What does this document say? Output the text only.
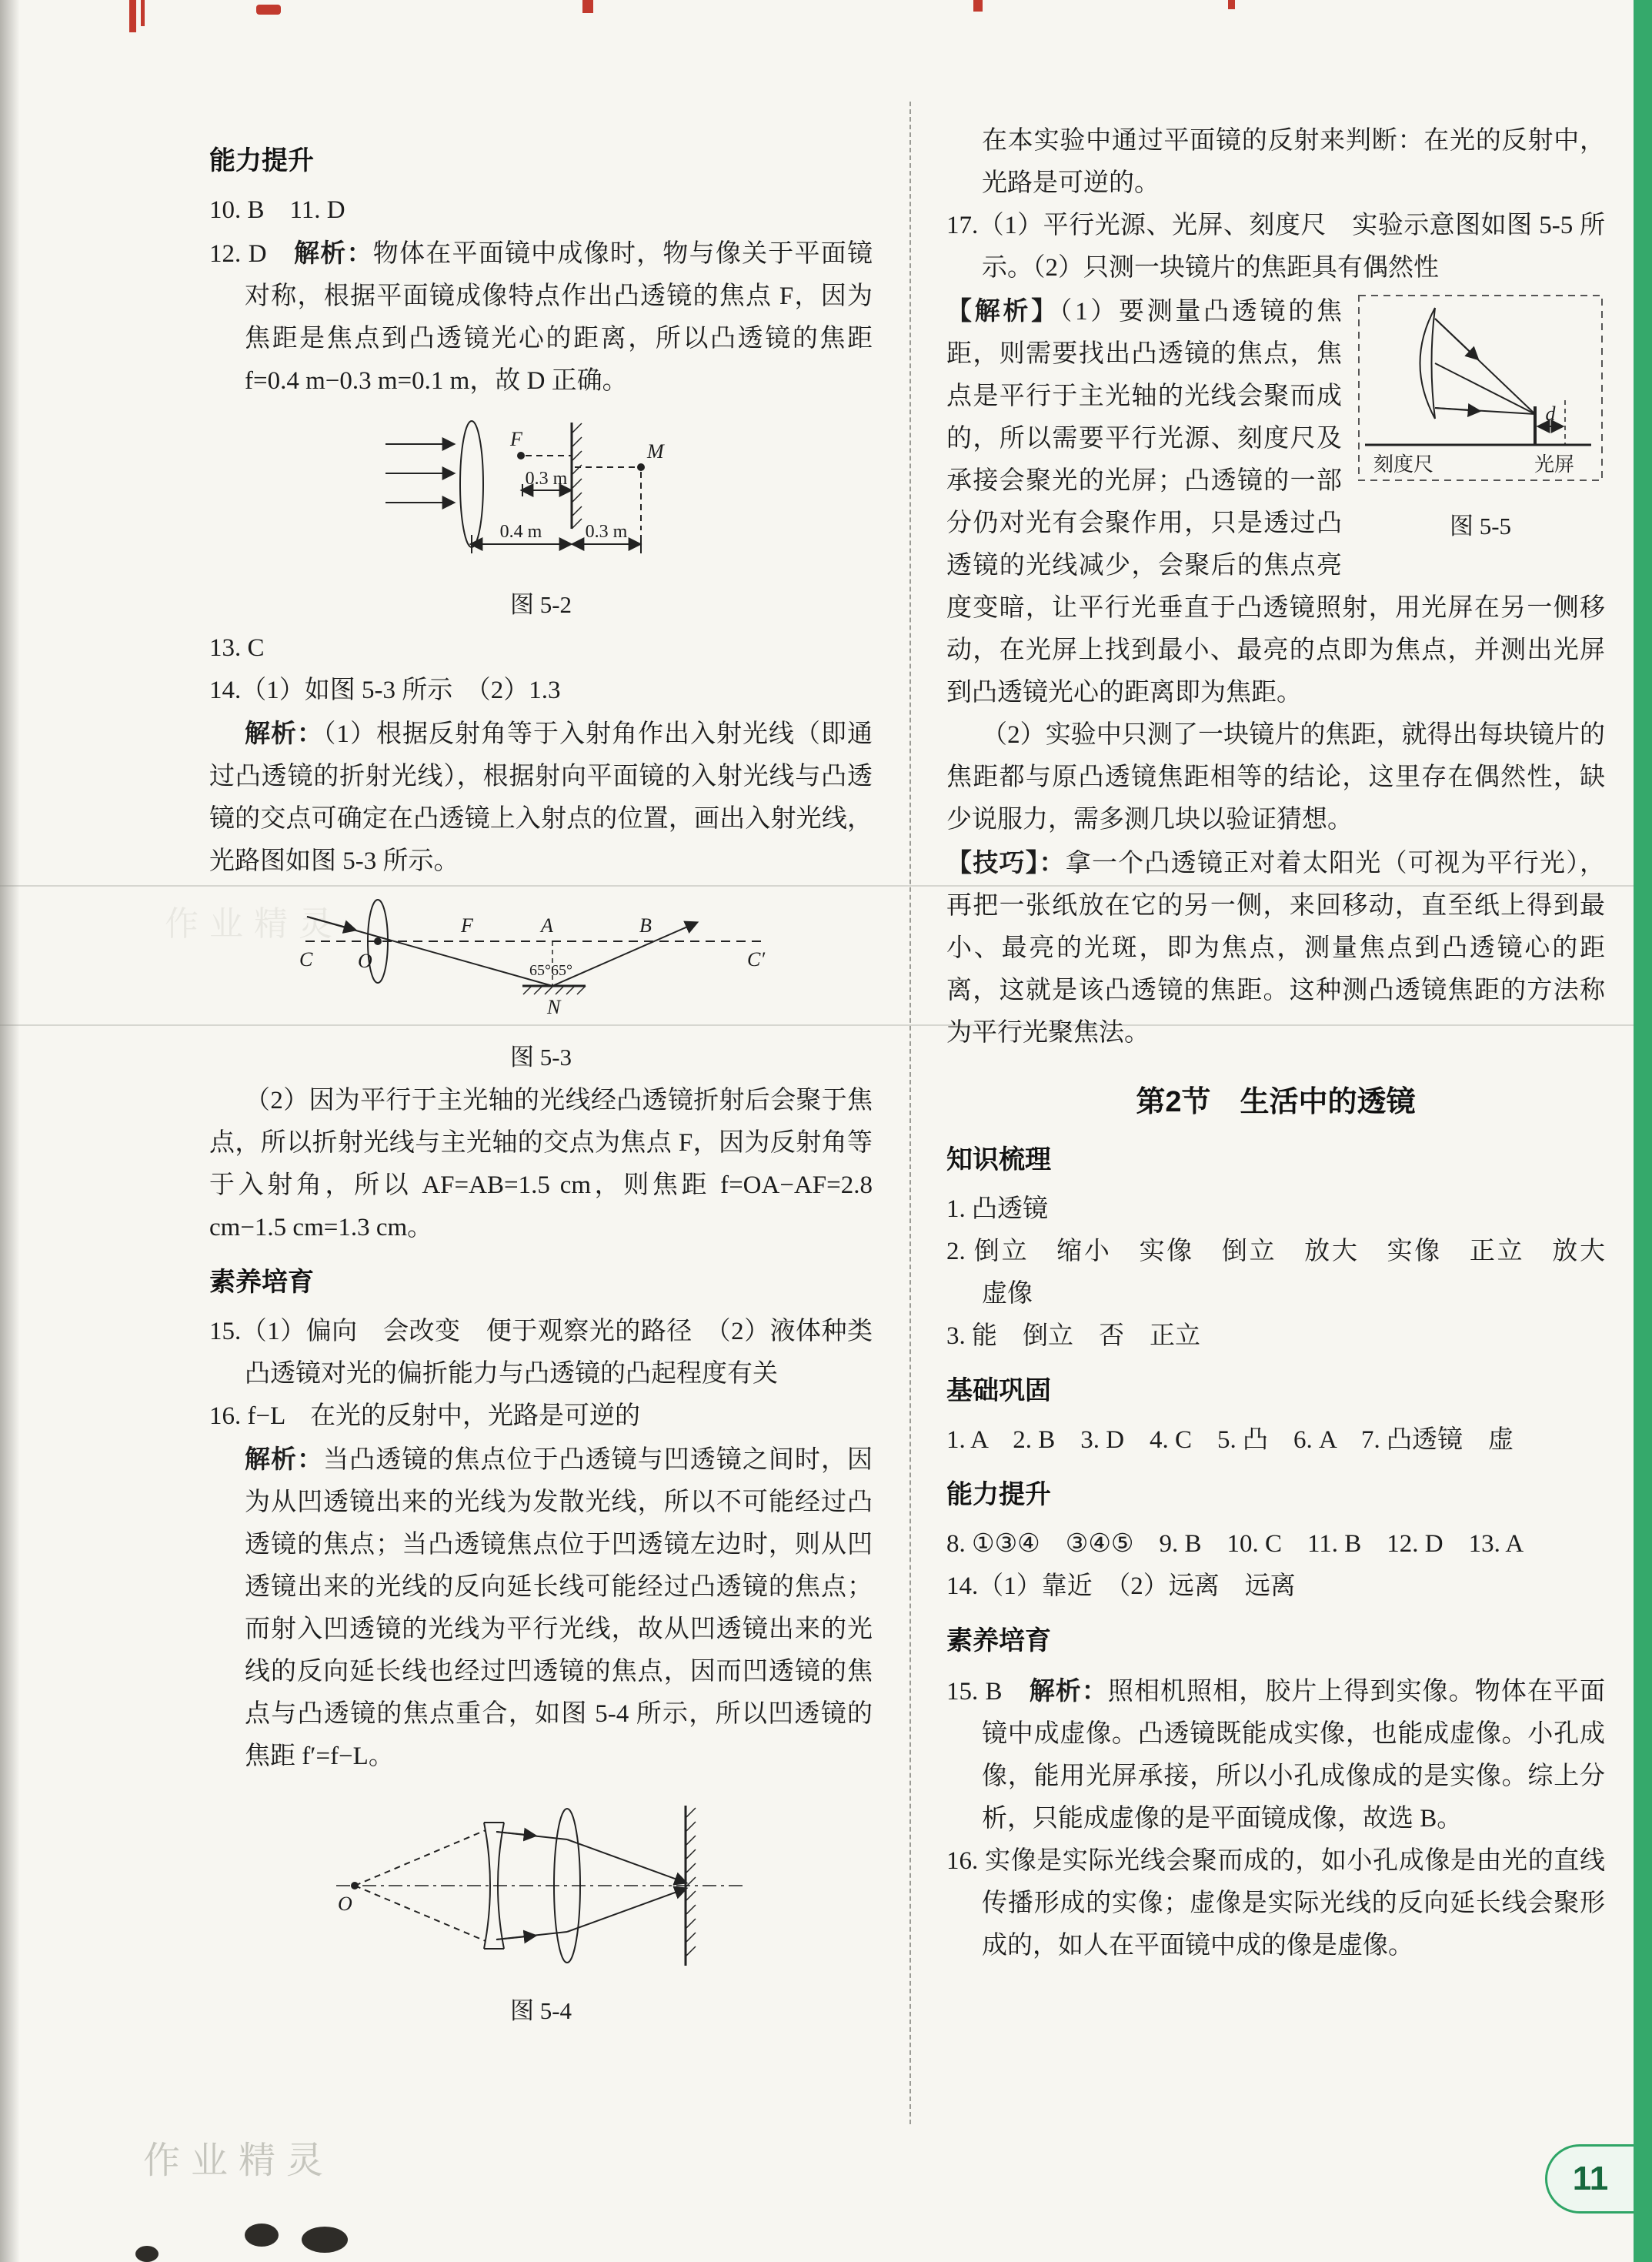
作业精灵
作业精灵	11
能力提升
10. B　11. D
12. D　解析：物体在平面镜中成像时，物与像关于平面镜对称，根据平面镜成像特点作出凸透镜的焦点 F，因为焦距是焦点到凸透镜光心的距离，所以凸透镜的焦距 f=0.4 m−0.3 m=0.1 m，故 D 正确。
F
M
0.3 m
0.4 m 0.3 m
图 5-2
13. C
14.（1）如图 5-3 所示　（2）1.3
解析：（1）根据反射角等于入射角作出入射光线（即通过凸透镜的折射光线），根据射向平面镜的入射光线与凸透镜的交点可确定在凸透镜上入射点的位置，画出入射光线，光路图如图 5-3 所示。
C O
F	A	B
C′
65°65°
N
图 5-3
（2）因为平行于主光轴的光线经凸透镜折射后会聚于焦点，所以折射光线与主光轴的交点为焦点 F，因为反射角等于入射角，所以 AF=AB=1.5 cm，则焦距 f=OA−AF=2.8 cm−1.5 cm=1.3 cm。
素养培育
15.（1）偏向　会改变　便于观察光的路径　（2）液体种类　凸透镜对光的偏折能力与凸透镜的凸起程度有关
16. f−L　在光的反射中，光路是可逆的
解析：当凸透镜的焦点位于凸透镜与凹透镜之间时，因为从凹透镜出来的光线为发散光线，所以不可能经过凸透镜的焦点；当凸透镜焦点位于凹透镜左边时，则从凹透镜出来的光线的反向延长线可能经过凸透镜的焦点；而射入凹透镜的光线为平行光线，故从凹透镜出来的光线的反向延长线也经过凹透镜的焦点，因而凹透镜的焦点与凸透镜的焦点重合，如图 5-4 所示，所以凹透镜的焦距 f′=f−L。
O
图 5-4
在本实验中通过平面镜的反射来判断：在光的反射中，光路是可逆的。
17.（1）平行光源、光屏、刻度尺　实验示意图如图 5-5 所示。（2）只测一块镜片的焦距具有偶然性
d
刻度尺	光屏
图 5-5
【解析】（1）要测量凸透镜的焦距，则需要找出凸透镜的焦点，焦点是平行于主光轴的光线会聚而成的，所以需要平行光源、刻度尺及承接会聚光的光屏；凸透镜的一部分仍对光有会聚作用，只是透过凸透镜的光线减少，会聚后的焦点亮度变暗，让平行光垂直于凸透镜照射，用光屏在另一侧移动，在光屏上找到最小、最亮的点即为焦点，并测出光屏到凸透镜光心的距离即为焦距。
（2）实验中只测了一块镜片的焦距，就得出每块镜片的焦距都与原凸透镜焦距相等的结论，这里存在偶然性，缺少说服力，需多测几块以验证猜想。
【技巧】：拿一个凸透镜正对着太阳光（可视为平行光），再把一张纸放在它的另一侧，来回移动，直至纸上得到最小、最亮的光斑，即为焦点，测量焦点到凸透镜心的距离，这就是该凸透镜的焦距。这种测凸透镜焦距的方法称为平行光聚焦法。
第2节　生活中的透镜
知识梳理
1. 凸透镜
2. 倒立　缩小　实像　倒立　放大　实像　正立　放大　虚像
3. 能　倒立　否　正立
基础巩固
1. A　2. B　3. D　4. C　5. 凸　6. A　7. 凸透镜　虚
能力提升
8. ①③④　③④⑤　9. B　10. C　11. B　12. D　13. A
14.（1）靠近　（2）远离　远离
素养培育
15. B　解析：照相机照相，胶片上得到实像。物体在平面镜中成虚像。凸透镜既能成实像，也能成虚像。小孔成像，能用光屏承接，所以小孔成像成的是实像。综上分析，只能成虚像的是平面镜成像，故选 B。
16. 实像是实际光线会聚而成的，如小孔成像是由光的直线传播形成的实像；虚像是实际光线的反向延长线会聚形成的，如人在平面镜中成的像是虚像。
